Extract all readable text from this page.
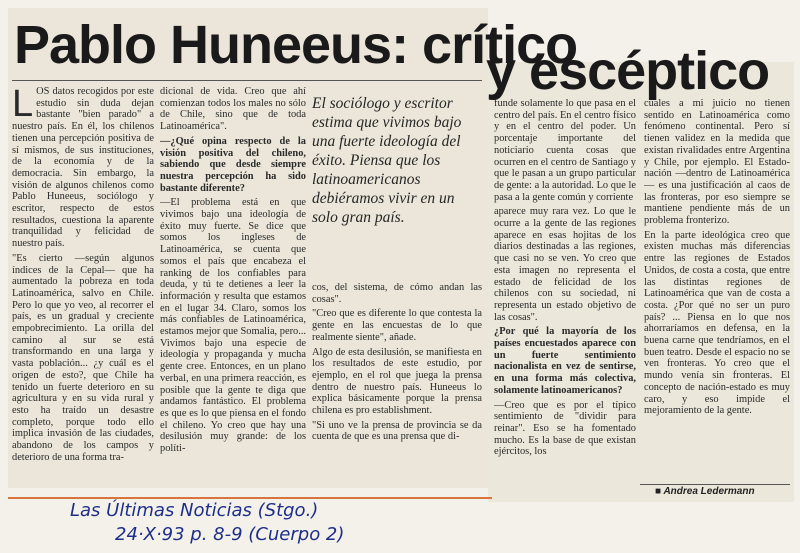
Pablo Huneeus: crítico
y escéptico

LOS datos recogidos por este estudio sin duda dejan bastante "bien parado" a nuestro país. En él, los chilenos tienen una percepción positiva de sí mismos, de sus instituciones, de la economía y de la democracia. Sin embargo, la visión de algunos chilenos como Pablo Huneeus, sociólogo y escritor, respecto de estos resultados, cuestiona la aparente tranquilidad y felicidad de nuestro país.

"Es cierto —según algunos índices de la Cepal— que ha aumentado la pobreza en toda Latinoamérica, salvo en Chile. Pero lo que yo veo, al recorrer el país, es un gradual y creciente empobrecimiento. La orilla del camino al sur se está transformando en una larga y vasta población... ¿y cuál es el origen de esto?, que Chile ha tenido un fuerte deterioro en su agricultura y en su vida rural y esto ha traído un desastre completo, porque todo ello implica invasión de las ciudades, abandono de los campos y deterioro de una forma tra-

dicional de vida. Creo que ahí comienzan todos los males no sólo de Chile, sino que de toda Latinoamérica".

—¿Qué opina respecto de la visión positiva del chileno, sabiendo que desde siempre nuestra percepción ha sido bastante diferente?

—El problema está en que vivimos bajo una ideología de éxito muy fuerte. Se dice que somos los ingleses de Latinoamérica, se cuenta que somos el país que encabeza el ranking de los confiables para deuda, y tú te detienes a leer la información y resulta que estamos en el lugar 34. Claro, somos los más confiables de Latinoamérica, estamos mejor que Somalia, pero... Vivimos bajo una especie de ideología y propaganda y mucha gente cree. Entonces, en un plano verbal, en una primera reacción, es posible que la gente te diga que andamos fantástico. El problema es que es lo que piensa en el fondo el chileno. Yo creo que hay una desilusión muy grande: de los políti-

El sociólogo y escritor estima que vivimos bajo una fuerte ideología del éxito. Piensa que los latinoamericanos debiéramos vivir en un solo gran país.

cos, del sistema, de cómo andan las cosas".

"Creo que es diferente lo que contesta la gente en las encuestas de lo que realmente siente", añade.

Algo de esta desilusión, se manifiesta en los resultados de este estudio, por ejemplo, en el rol que juega la prensa dentro de nuestro país. Huneeus lo explica básicamente porque la prensa chilena es pro establishment.

"Si uno ve la prensa de provincia se da cuenta de que es una prensa que di-

funde solamente lo que pasa en el centro del país. En el centro físico y en el centro del poder. Un porcentaje importante del noticiario cuenta cosas que ocurren en el centro de Santiago y que le pasan a un grupo particular de gente: a la autoridad. Lo que le pasa a la gente común y corriente

aparece muy rara vez. Lo que le ocurre a la gente de las regiones aparece en esas hojitas de los diarios destinadas a las regiones, que casi no se ven. Yo creo que esta imagen no representa el estado de felicidad de los chilenos con su sociedad, ni representa un estado objetivo de las cosas".

¿Por qué la mayoría de los países encuestados aparece con un fuerte sentimiento nacionalista en vez de sentirse, en una forma más colectiva, solamente latinoamericanos?

—Creo que es por el típico sentimiento de "dividir para reinar". Eso se ha fomentado mucho. Es la base de que existan ejércitos, los

cuales a mi juicio no tienen sentido en Latinoamérica como fenómeno continental. Pero sí tienen validez en la medida que existan rivalidades entre Argentina y Chile, por ejemplo. El Estado-nación —dentro de Latinoamérica— es una justificación al caos de las fronteras, por eso siempre se mantiene pendiente más de un problema fronterizo.

En la parte ideológica creo que existen muchas más diferencias entre las regiones de Estados Unidos, de costa a costa, que entre las distintas regiones de Latinoamérica que van de costa a costa. ¿Por qué no ser un puro país? ... Piensa en lo que nos ahorraríamos en defensa, en la buena carne que tendríamos, en el buen teatro. Desde el espacio no se ven fronteras. Yo creo que el mundo venía sin fronteras. El concepto de nación-estado es muy caro, y eso impide el mejoramiento de la gente.

■ Andrea Ledermann
Las Últimas Noticias (Stgo.)
24·X·93 p. 8-9 (Cuerpo 2)
